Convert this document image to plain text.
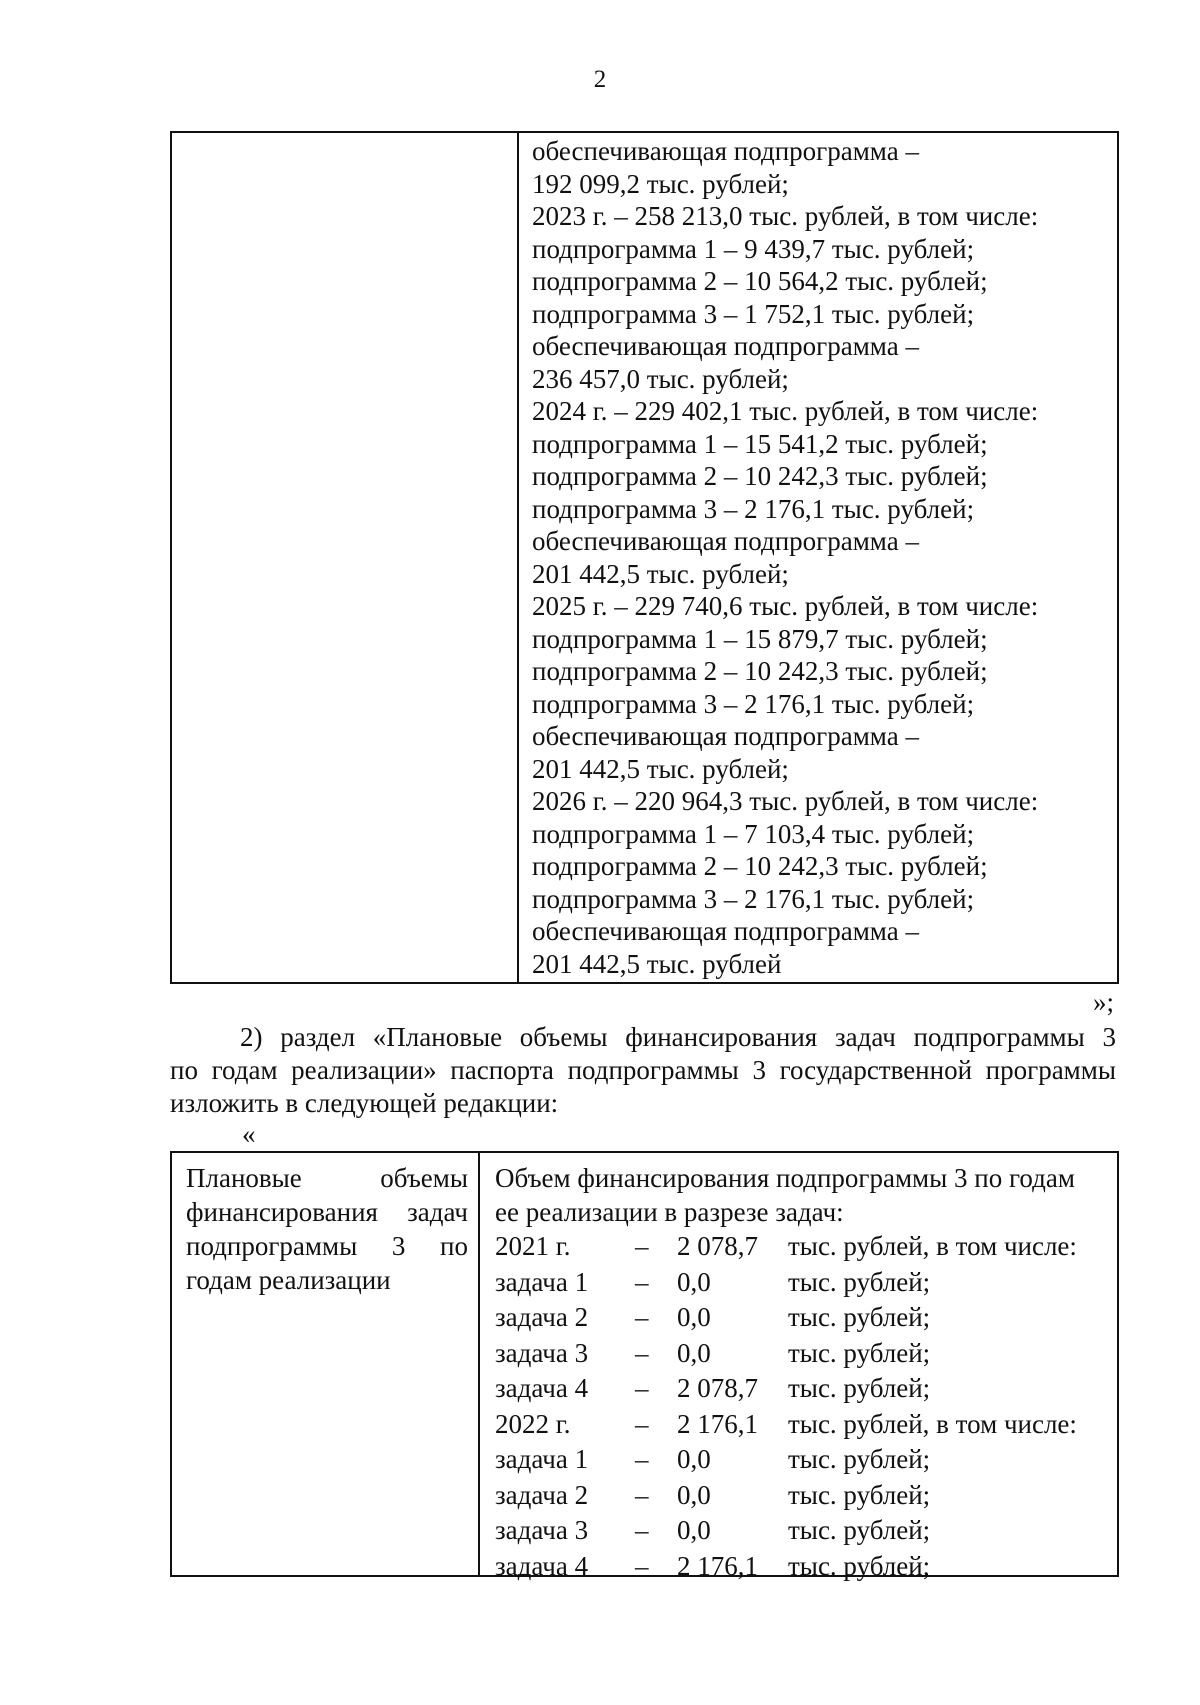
2
обеспечивающая подпрограмма –
192 099,2 тыс. рублей;
2023 г. – 258 213,0 тыс. рублей, в том числе:
подпрограмма 1 – 9 439,7 тыс. рублей;
подпрограмма 2 – 10 564,2 тыс. рублей;
подпрограмма 3 – 1 752,1 тыс. рублей;
обеспечивающая подпрограмма –
236 457,0 тыс. рублей;
2024 г. – 229 402,1 тыс. рублей, в том числе:
подпрограмма 1 – 15 541,2 тыс. рублей;
подпрограмма 2 – 10 242,3 тыс. рублей;
подпрограмма 3 – 2 176,1 тыс. рублей;
обеспечивающая подпрограмма –
201 442,5 тыс. рублей;
2025 г. – 229 740,6 тыс. рублей, в том числе:
подпрограмма 1 – 15 879,7 тыс. рублей;
подпрограмма 2 – 10 242,3 тыс. рублей;
подпрограмма 3 – 2 176,1 тыс. рублей;
обеспечивающая подпрограмма –
201 442,5 тыс. рублей;
2026 г. – 220 964,3 тыс. рублей, в том числе:
подпрограмма 1 – 7 103,4 тыс. рублей;
подпрограмма 2 – 10 242,3 тыс. рублей;
подпрограмма 3 – 2 176,1 тыс. рублей;
обеспечивающая подпрограмма –
201 442,5 тыс. рублей
»;
2) раздел «Плановые объемы финансирования задач подпрограммы 3
по годам реализации» паспорта подпрограммы 3 государственной программы
изложить в следующей редакции:
«
Плановые объемы
финансирования задач
подпрограммы 3 по
годам реализации
Объем финансирования подпрограммы 3 по годам
ее реализации в разрезе задач:
2021 г. – 2 078,7 тыс. рублей, в том числе:
задача 1 – 0,0	тыс. рублей;
задача 2 – 0,0	тыс. рублей;
задача 3 – 0,0	тыс. рублей;
задача 4 – 2 078,7 тыс. рублей;
2022 г. – 2 176,1 тыс. рублей, в том числе:
задача 1 – 0,0	тыс. рублей;
задача 2 – 0,0	тыс. рублей;
задача 3 – 0,0	тыс. рублей;
задача 4 – 2 176,1 тыс. рублей;
